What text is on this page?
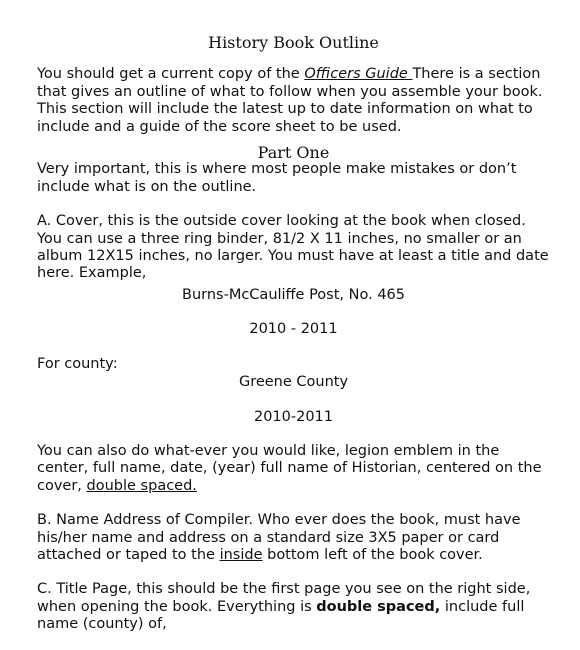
History Book Outline

You should get a current copy of the Officers Guide There is a section that gives an outline of what to follow when you assemble your book. This section will include the latest up to date information on what to include and a guide of the score sheet to be used.

Part One

Very important, this is where most people make mistakes or don’t include what is on the outline.

A. Cover, this is the outside cover looking at the book when closed. You can use a three ring binder, 81/2 X 11 inches, no smaller or an album 12X15 inches, no larger. You must have at least a title and date here. Example,

Burns-McCauliffe Post, No. 465

2010 - 2011

For county:

Greene County

2010-2011

You can also do what-ever you would like, legion emblem in the center, full name, date, (year) full name of Historian, centered on the cover, double spaced.

B. Name Address of Compiler. Who ever does the book, must have his/her name and address on a standard size 3X5 paper or card attached or taped to the inside bottom left of the book cover.

C. Title Page, this should be the first page you see on the right side, when opening the book. Everything is double spaced, include full name (county) of,
